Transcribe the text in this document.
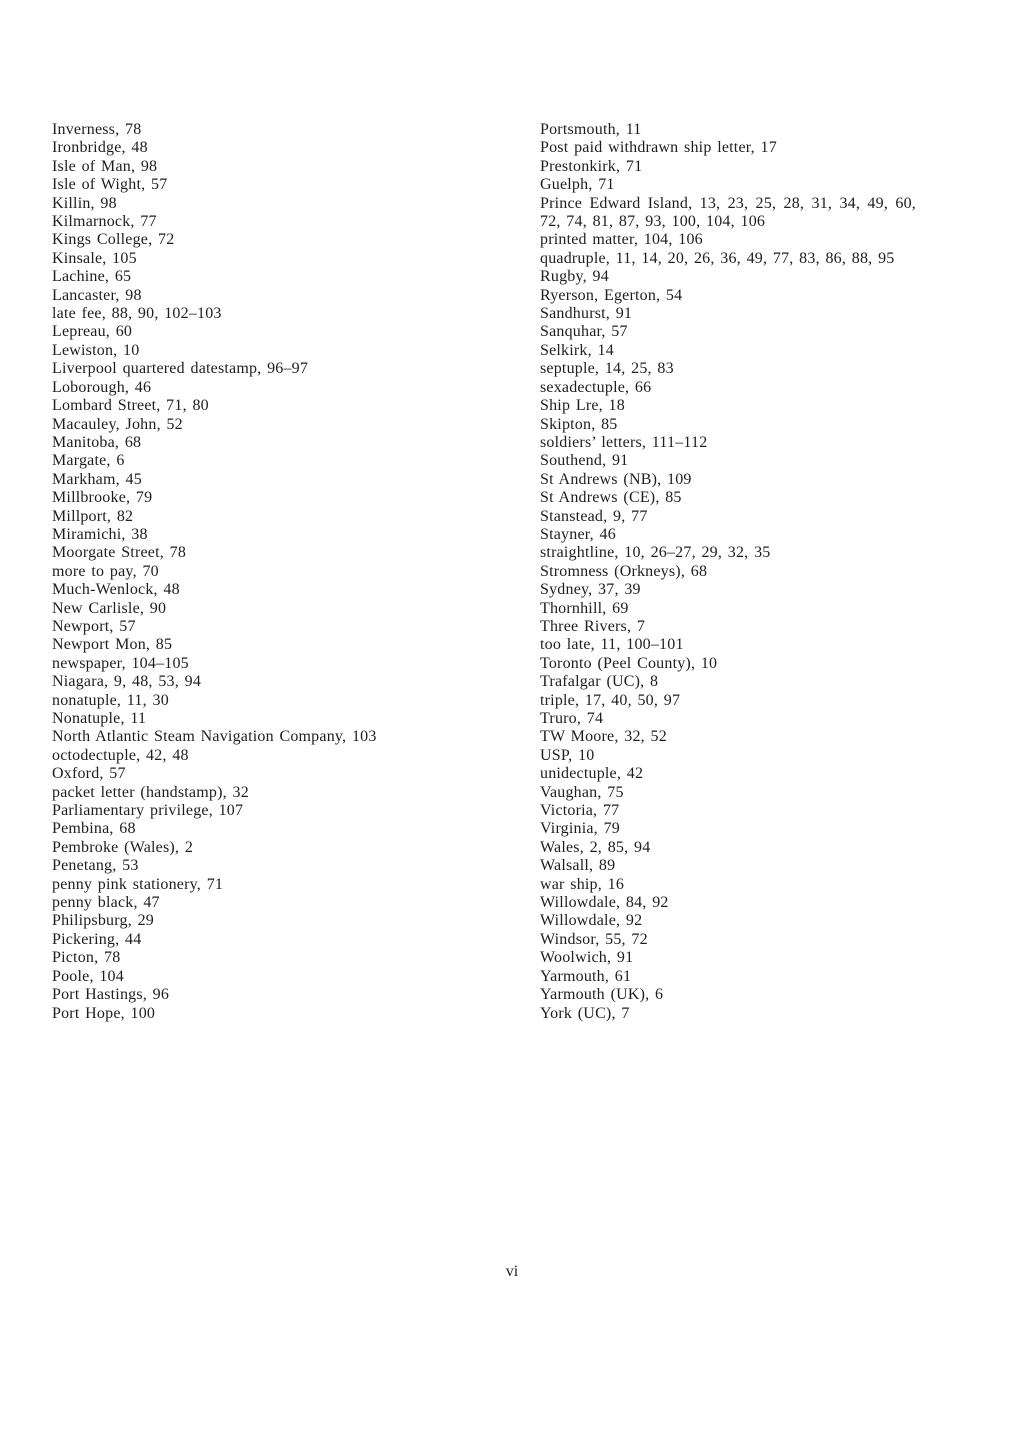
Inverness, 78
Ironbridge, 48
Isle of Man, 98
Isle of Wight, 57
Killin, 98
Kilmarnock, 77
Kings College, 72
Kinsale, 105
Lachine, 65
Lancaster, 98
late fee, 88, 90, 102–103
Lepreau, 60
Lewiston, 10
Liverpool quartered datestamp, 96–97
Loborough, 46
Lombard Street, 71, 80
Macauley, John, 52
Manitoba, 68
Margate, 6
Markham, 45
Millbrooke, 79
Millport, 82
Miramichi, 38
Moorgate Street, 78
more to pay, 70
Much-Wenlock, 48
New Carlisle, 90
Newport, 57
Newport Mon, 85
newspaper, 104–105
Niagara, 9, 48, 53, 94
nonatuple, 11, 30
Nonatuple, 11
North Atlantic Steam Navigation Company, 103
octodectuple, 42, 48
Oxford, 57
packet letter (handstamp), 32
Parliamentary privilege, 107
Pembina, 68
Pembroke (Wales), 2
Penetang, 53
penny pink stationery, 71
penny black, 47
Philipsburg, 29
Pickering, 44
Picton, 78
Poole, 104
Port Hastings, 96
Port Hope, 100
Portsmouth, 11
Post paid withdrawn ship letter, 17
Prestonkirk, 71
Guelph, 71
Prince Edward Island, 13, 23, 25, 28, 31, 34, 49, 60, 72, 74, 81, 87, 93, 100, 104, 106
printed matter, 104, 106
quadruple, 11, 14, 20, 26, 36, 49, 77, 83, 86, 88, 95
Rugby, 94
Ryerson, Egerton, 54
Sandhurst, 91
Sanquhar, 57
Selkirk, 14
septuple, 14, 25, 83
sexadectuple, 66
Ship Lre, 18
Skipton, 85
soldiers’ letters, 111–112
Southend, 91
St Andrews (NB), 109
St Andrews (CE), 85
Stanstead, 9, 77
Stayner, 46
straightline, 10, 26–27, 29, 32, 35
Stromness (Orkneys), 68
Sydney, 37, 39
Thornhill, 69
Three Rivers, 7
too late, 11, 100–101
Toronto (Peel County), 10
Trafalgar (UC), 8
triple, 17, 40, 50, 97
Truro, 74
TW Moore, 32, 52
USP, 10
unidectuple, 42
Vaughan, 75
Victoria, 77
Virginia, 79
Wales, 2, 85, 94
Walsall, 89
war ship, 16
Willowdale, 84, 92
Willowdale, 92
Windsor, 55, 72
Woolwich, 91
Yarmouth, 61
Yarmouth (UK), 6
York (UC), 7
vi
